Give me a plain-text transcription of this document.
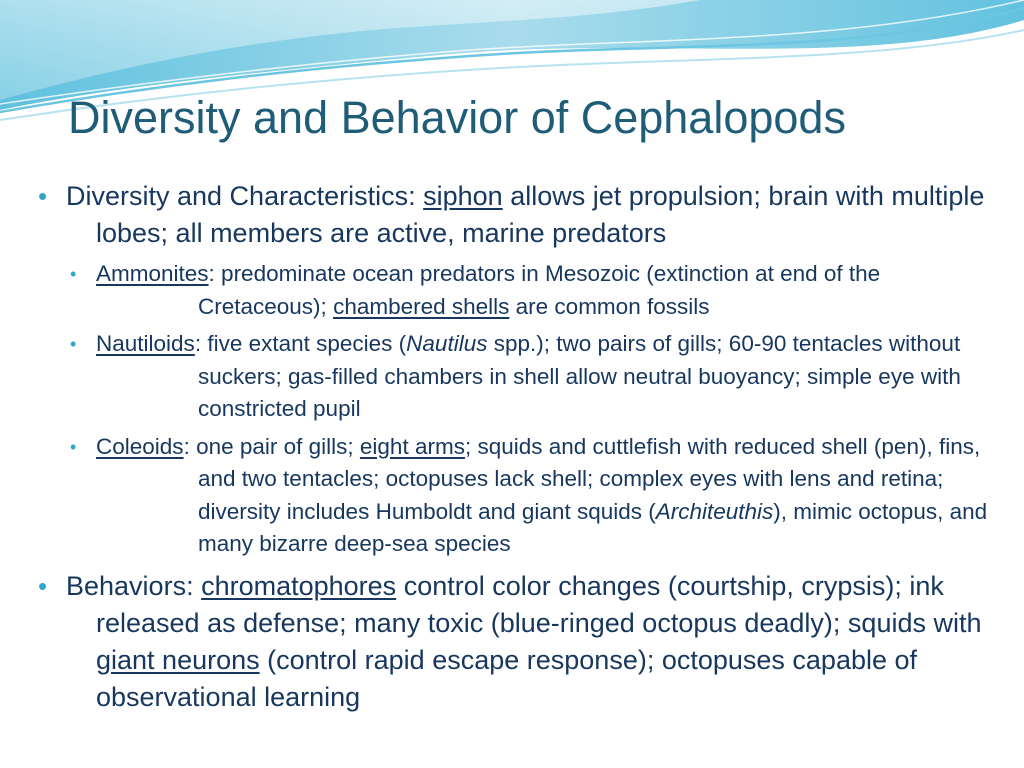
Diversity and Behavior of Cephalopods
• Diversity and Characteristics: siphon allows jet propulsion; brain with multiple lobes; all members are active, marine predators
• Ammonites: predominate ocean predators in Mesozoic (extinction at end of the Cretaceous); chambered shells are common fossils
• Nautiloids: five extant species (Nautilus spp.); two pairs of gills; 60-90 tentacles without suckers; gas-filled chambers in shell allow neutral buoyancy; simple eye with constricted pupil
• Coleoids: one pair of gills; eight arms; squids and cuttlefish with reduced shell (pen), fins, and two tentacles; octopuses lack shell; complex eyes with lens and retina; diversity includes Humboldt and giant squids (Architeuthis), mimic octopus, and many bizarre deep-sea species
• Behaviors: chromatophores control color changes (courtship, crypsis); ink released as defense; many toxic (blue-ringed octopus deadly); squids with giant neurons (control rapid escape response); octopuses capable of observational learning
